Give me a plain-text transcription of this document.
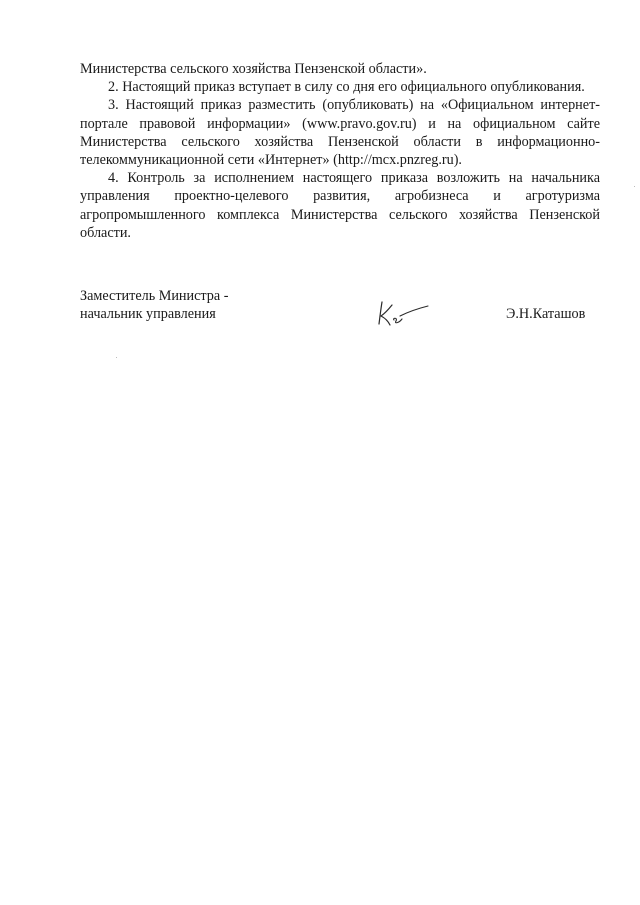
Министерства сельского хозяйства Пензенской области».

2. Настоящий приказ вступает в силу со дня его официального опубликования.

3. Настоящий приказ разместить (опубликовать) на «Официальном интернет-портале правовой информации» (www.pravo.gov.ru) и на официальном сайте Министерства сельского хозяйства Пензенской области в информационно-телекоммуникационной сети «Интернет» (http://mcx.pnzreg.ru).

4. Контроль за исполнением настоящего приказа возложить на начальника управления проектно-целевого развития, агробизнеса и агротуризма агропромышленного комплекса Министерства сельского хозяйства Пензенской области.

Заместитель Министра -
начальник управления	Э.Н.Каташов
